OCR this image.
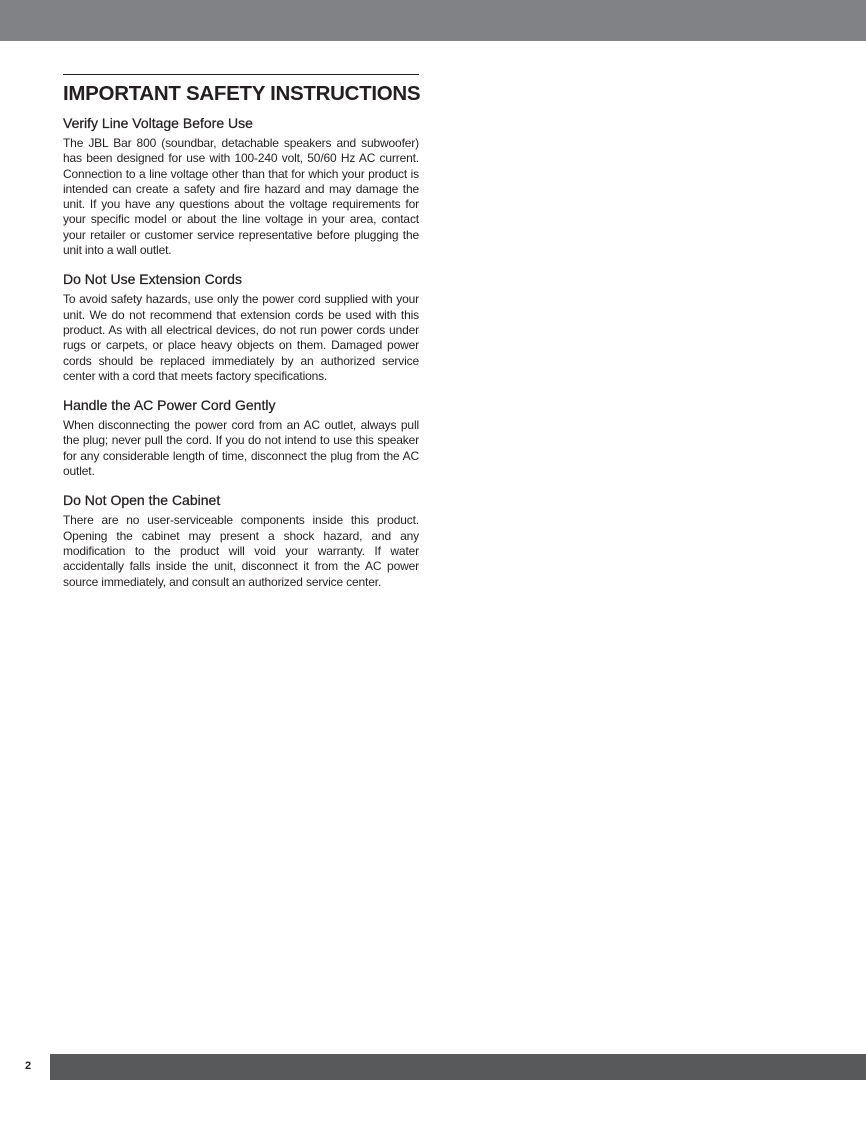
IMPORTANT SAFETY INSTRUCTIONS
Verify Line Voltage Before Use

The JBL Bar 800 (soundbar, detachable speakers and subwoofer) has been designed for use with 100-240 volt, 50/60 Hz AC current. Connection to a line voltage other than that for which your product is intended can create a safety and fire hazard and may damage the unit. If you have any questions about the voltage requirements for your specific model or about the line voltage in your area, contact your retailer or customer service representative before plugging the unit into a wall outlet.

Do Not Use Extension Cords

To avoid safety hazards, use only the power cord supplied with your unit. We do not recommend that extension cords be used with this product. As with all electrical devices, do not run power cords under rugs or carpets, or place heavy objects on them. Damaged power cords should be replaced immediately by an authorized service center with a cord that meets factory specifications.

Handle the AC Power Cord Gently

When disconnecting the power cord from an AC outlet, always pull the plug; never pull the cord. If you do not intend to use this speaker for any considerable length of time, disconnect the plug from the AC outlet.

Do Not Open the Cabinet

There are no user-serviceable components inside this product. Opening the cabinet may present a shock hazard, and any modification to the product will void your warranty. If water accidentally falls inside the unit, disconnect it from the AC power source immediately, and consult an authorized service center.

2
